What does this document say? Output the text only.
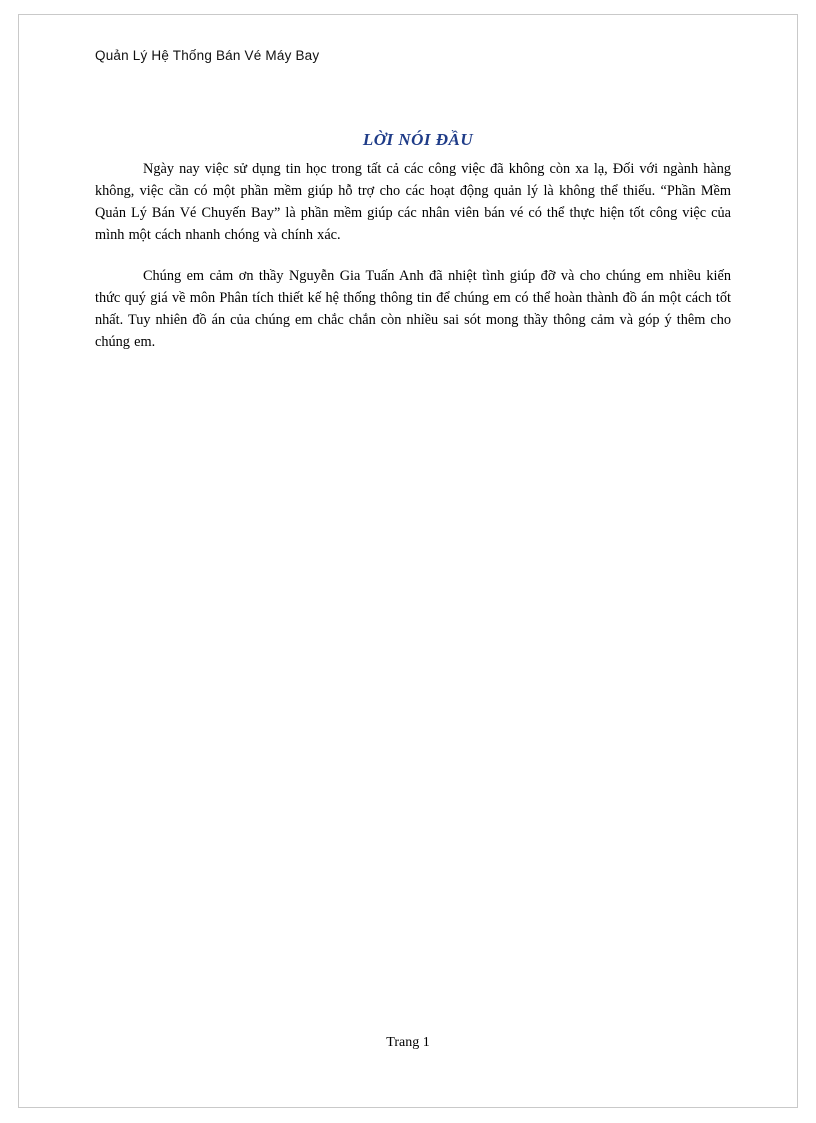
Quản Lý Hệ Thống Bán Vé Máy Bay
LỜI NÓI ĐẦU

Ngày nay việc sử dụng tin học trong tất cả các công việc đã không còn xa lạ, Đối với ngành hàng không, việc cần có một phần mềm giúp hỗ trợ cho các hoạt động quản lý là không thể thiếu. “Phần Mềm Quản Lý Bán Vé Chuyến Bay” là phần mềm giúp các nhân viên bán vé có thể thực hiện tốt công việc của mình một cách nhanh chóng và chính xác.

Chúng em cảm ơn thầy Nguyễn Gia Tuấn Anh đã nhiệt tình giúp đỡ và cho chúng em nhiều kiến thức quý giá về môn Phân tích thiết kế hệ thống thông tin để chúng em có thể hoàn thành đồ án một cách tốt nhất. Tuy nhiên đồ án của chúng em chắc chắn còn nhiều sai sót mong thầy thông cảm và góp ý thêm cho chúng em.

Trang 1
